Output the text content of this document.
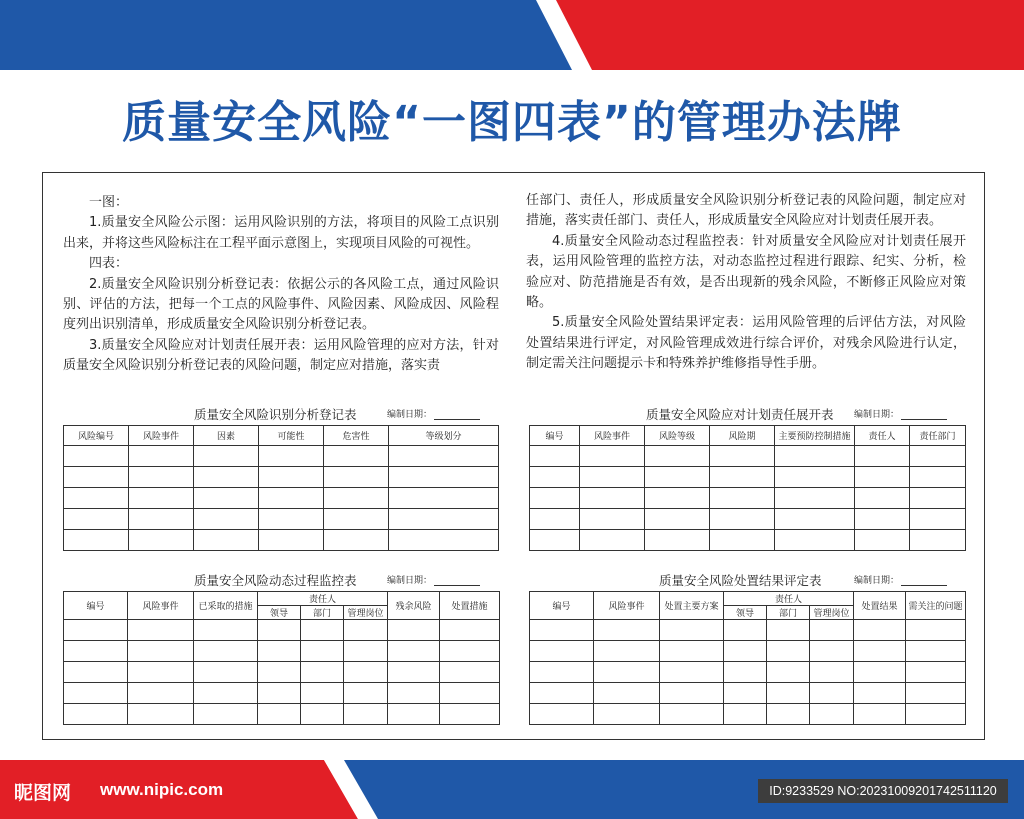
质量安全风险“一图四表”的管理办法牌

一图：

1.质量安全风险公示图：运用风险识别的方法，将项目的风险工点识别出来，并将这些风险标注在工程平面示意图上，实现项目风险的可视性。

四表：

2.质量安全风险识别分析登记表：依据公示的各风险工点，通过风险识别、评估的方法，把每一个工点的风险事件、风险因素、风险成因、风险程度列出识别清单，形成质量安全风险识别分析登记表。

3.质量安全风险应对计划责任展开表：运用风险管理的应对方法，针对质量安全风险识别分析登记表的风险问题，制定应对措施，落实责

任部门、责任人，形成质量安全风险识别分析登记表的风险问题，制定应对措施，落实责任部门、责任人，形成质量安全风险应对计划责任展开表。

4.质量安全风险动态过程监控表：针对质量安全风险应对计划责任展开表，运用风险管理的监控方法，对动态监控过程进行跟踪、纪实、分析，检验应对、防范措施是否有效，是否出现新的残余风险，不断修正风险应对策略。

5.质量安全风险处置结果评定表：运用风险管理的后评估方法，对风险处置结果进行评定，对风险管理成效进行综合评价，对残余风险进行认定，制定需关注问题提示卡和特殊养护维修指导性手册。

质量安全风险识别分析登记表	编制日期：
风险编号	风险事件	因素	可能性	危害性	等级划分

质量安全风险应对计划责任展开表 编制日期：
编号	风险事件	风险等级	风险期	主要预防控制措施	责任人	责任部门

质量安全风险动态过程监控表	编制日期：
编号	风险事件	已采取的措施	责任人			残余风险	处置措施
			领导	部门	管理岗位		

质量安全风险处置结果评定表	编制日期：
编号	风险事件	处置主要方案	责任人			处置结果	需关注的问题
			领导	部门	管理岗位		

昵图网 www.nipic.com	ID:9233529 NO:20231009201742511120
